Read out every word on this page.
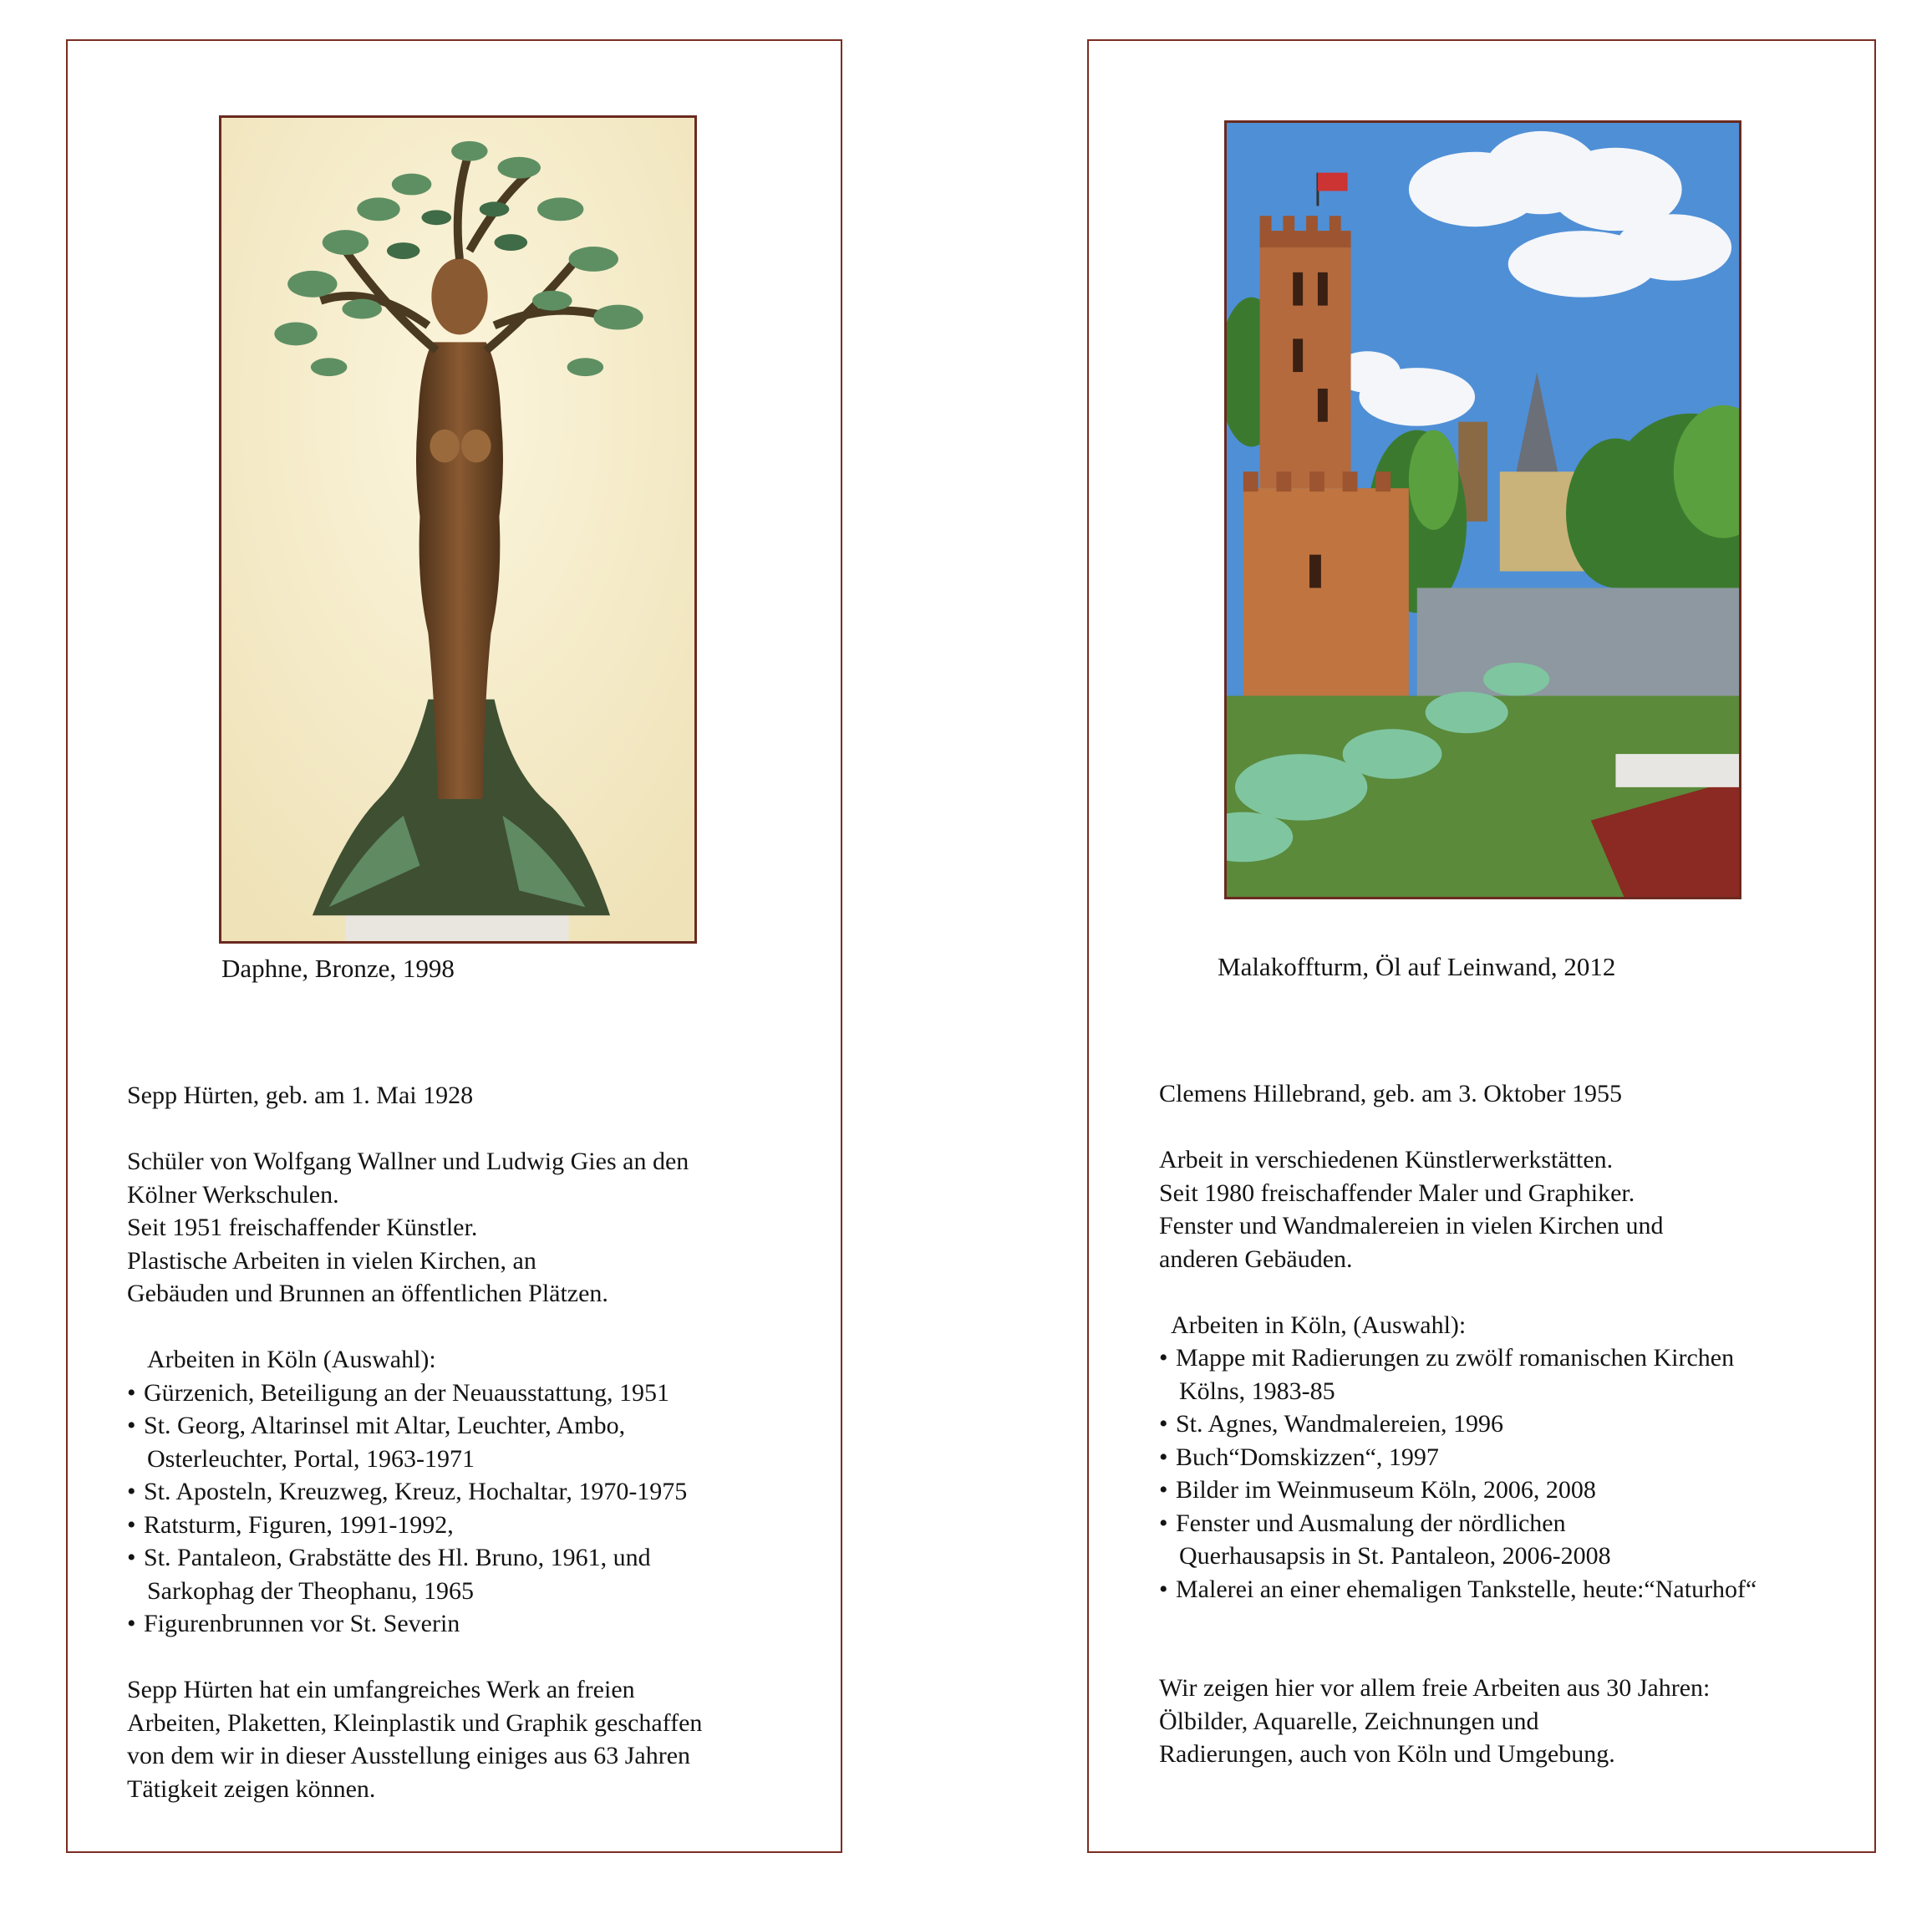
Daphne, Bronze, 1998

Sepp Hürten, geb. am 1. Mai 1928

Schüler von Wolfgang Wallner und Ludwig Gies an den

Kölner Werkschulen.

Seit 1951 freischaffender Künstler.

Plastische Arbeiten in vielen Kirchen, an

Gebäuden und Brunnen an öffentlichen Plätzen.

Arbeiten in Köln (Auswahl):

• Gürzenich, Beteiligung an der Neuausstattung, 1951
• St. Georg, Altarinsel mit Altar, Leuchter, Ambo,
Osterleuchter, Portal, 1963-1971
• St. Aposteln, Kreuzweg, Kreuz, Hochaltar, 1970-1975
• Ratsturm, Figuren, 1991-1992,
• St. Pantaleon, Grabstätte des Hl. Bruno, 1961, und
Sarkophag der Theophanu, 1965
• Figurenbrunnen vor St. Severin

Sepp Hürten hat ein umfangreiches Werk an freien

Arbeiten, Plaketten, Kleinplastik und Graphik geschaffen

von dem wir in dieser Ausstellung einiges aus 63 Jahren

Tätigkeit zeigen können.

Malakoffturm, Öl auf Leinwand, 2012

Clemens Hillebrand, geb. am 3. Oktober 1955

Arbeit in verschiedenen Künstlerwerkstätten.

Seit 1980 freischaffender Maler und Graphiker.

Fenster und Wandmalereien in vielen Kirchen und

anderen Gebäuden.

Arbeiten in Köln, (Auswahl):

• Mappe mit Radierungen zu zwölf romanischen Kirchen
Kölns, 1983-85
• St. Agnes, Wandmalereien, 1996
• Buch“Domskizzen“, 1997
• Bilder im Weinmuseum Köln, 2006, 2008
• Fenster und Ausmalung der nördlichen
Querhausapsis in St. Pantaleon, 2006-2008
• Malerei an einer ehemaligen Tankstelle, heute:“Naturhof“

Wir zeigen hier vor allem freie Arbeiten aus 30 Jahren:

Ölbilder, Aquarelle, Zeichnungen und

Radierungen, auch von Köln und Umgebung.
